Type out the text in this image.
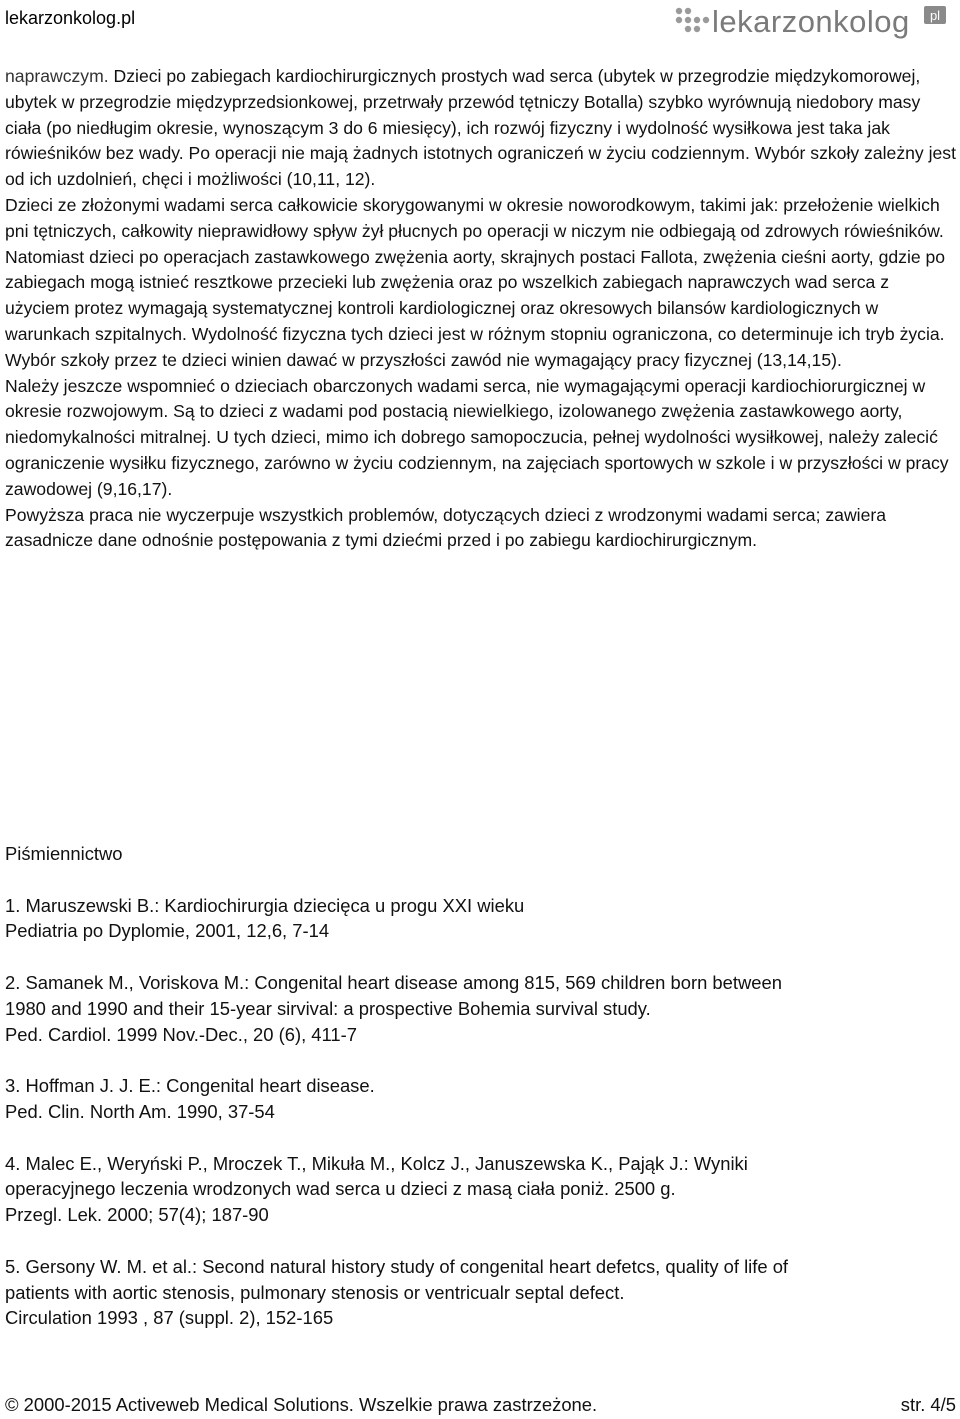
lekarzonkolog.pl	lekarzonkolog pl

naprawczym. Dzieci po zabiegach kardiochirurgicznych prostych wad serca (ubytek w przegrodzie międzykomorowej, ubytek w przegrodzie międzyprzedsionkowej, przetrwały przewód tętniczy Botalla) szybko wyrównują niedobory masy ciała (po niedługim okresie, wynoszącym 3 do 6 miesięcy), ich rozwój fizyczny i wydolność wysiłkowa jest taka jak rówieśników bez wady. Po operacji nie mają żadnych istotnych ograniczeń w życiu codziennym. Wybór szkoły zależny jest od ich uzdolnień, chęci i możliwości (10,11, 12).

Dzieci ze złożonymi wadami serca całkowicie skorygowanymi w okresie noworodkowym, takimi jak: przełożenie wielkich pni tętniczych, całkowity nieprawidłowy spływ żył płucnych po operacji w niczym nie odbiegają od zdrowych rówieśników. Natomiast dzieci po operacjach zastawkowego zwężenia aorty, skrajnych postaci Fallota, zwężenia cieśni aorty, gdzie po zabiegach mogą istnieć resztkowe przecieki lub zwężenia oraz po wszelkich zabiegach naprawczych wad serca z użyciem protez wymagają systematycznej kontroli kardiologicznej oraz okresowych bilansów kardiologicznych w warunkach szpitalnych. Wydolność fizyczna tych dzieci jest w różnym stopniu ograniczona, co determinuje ich tryb życia. Wybór szkoły przez te dzieci winien dawać w przyszłości zawód nie wymagający pracy fizycznej (13,14,15).

Należy jeszcze wspomnieć o dzieciach obarczonych wadami serca, nie wymagającymi operacji kardiochiorurgicznej w okresie rozwojowym. Są to dzieci z wadami pod postacią niewielkiego, izolowanego zwężenia zastawkowego aorty, niedomykalności mitralnej. U tych dzieci, mimo ich dobrego samopoczucia, pełnej wydolności wysiłkowej, należy zalecić ograniczenie wysiłku fizycznego, zarówno w życiu codziennym, na zajęciach sportowych w szkole i w przyszłości w pracy zawodowej (9,16,17).

Powyższa praca nie wyczerpuje wszystkich problemów, dotyczących dzieci z wrodzonymi wadami serca; zawiera zasadnicze dane odnośnie postępowania z tymi dziećmi przed i po zabiegu kardiochirurgicznym.

Piśmiennictwo
1. Maruszewski B.: Kardiochirurgia dziecięca u progu XXI wieku
Pediatria po Dyplomie, 2001, 12,6, 7-14
2. Samanek M., Voriskova M.: Congenital heart disease among 815, 569 children born between
1980 and 1990 and their 15-year sirvival: a prospective Bohemia survival study.
Ped. Cardiol. 1999 Nov.-Dec., 20 (6), 411-7
3. Hoffman J. J. E.: Congenital heart disease.
Ped. Clin. North Am. 1990, 37-54
4. Malec E., Weryński P., Mroczek T., Mikuła M., Kolcz J., Januszewska K., Pająk J.: Wyniki
operacyjnego leczenia wrodzonych wad serca u dzieci z masą ciała poniż. 2500 g.
Przegl. Lek. 2000; 57(4); 187-90
5. Gersony W. M. et al.: Second natural history study of congenital heart defetcs, quality of life of
patients with aortic stenosis, pulmonary stenosis or ventricualr septal defect.
Circulation 1993 , 87 (suppl. 2), 152-165
© 2000-2015 Activeweb Medical Solutions. Wszelkie prawa zastrzeżone.	str. 4/5
